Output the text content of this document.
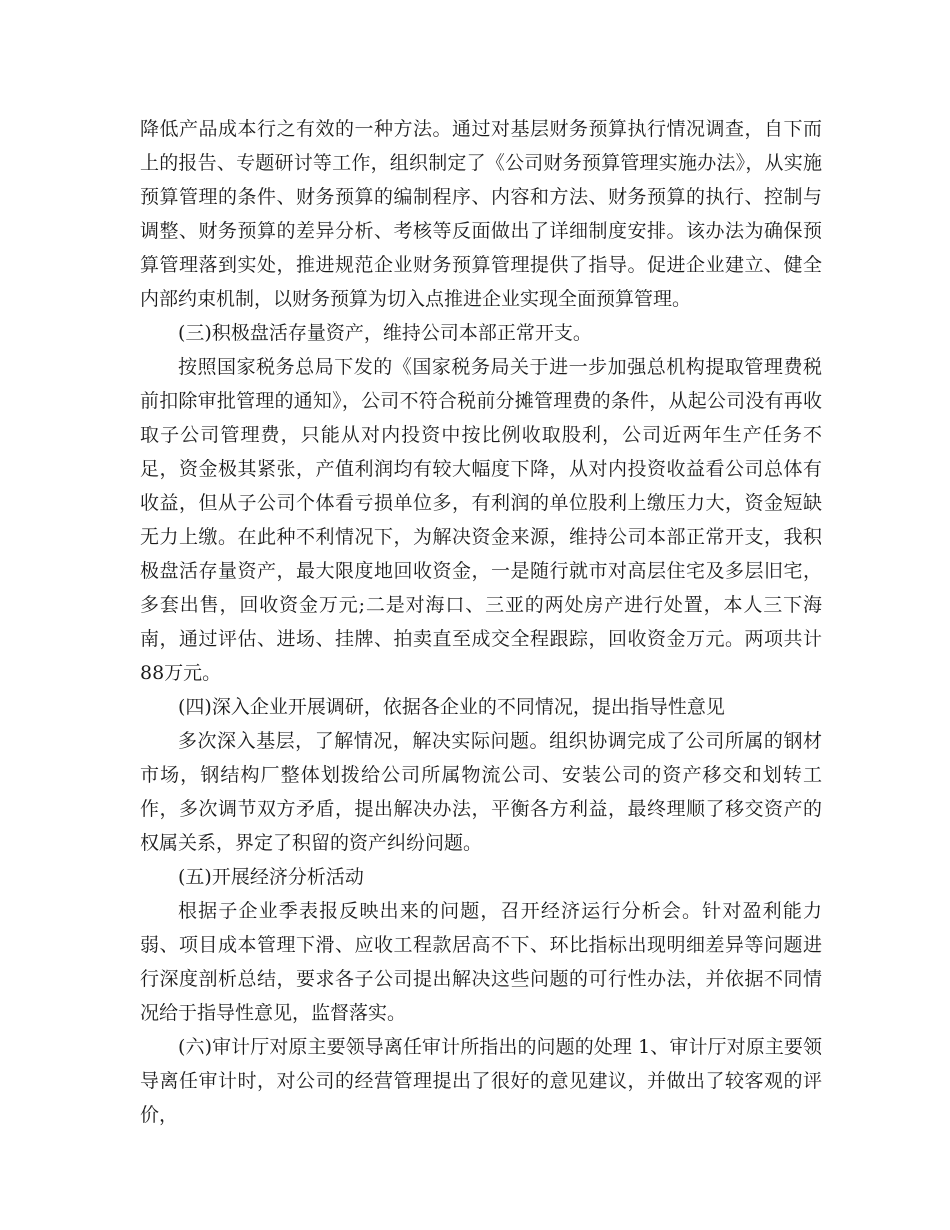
降低产品成本行之有效的一种方法。通过对基层财务预算执行情况调查，自下而上的报告、专题研讨等工作，组织制定了《公司财务预算管理实施办法》，从实施预算管理的条件、财务预算的编制程序、内容和方法、财务预算的执行、控制与调整、财务预算的差异分析、考核等反面做出了详细制度安排。该办法为确保预算管理落到实处，推进规范企业财务预算管理提供了指导。促进企业建立、健全内部约束机制，以财务预算为切入点推进企业实现全面预算管理。

(三)积极盘活存量资产，维持公司本部正常开支。

按照国家税务总局下发的《国家税务局关于进一步加强总机构提取管理费税前扣除审批管理的通知》，公司不符合税前分摊管理费的条件，从起公司没有再收取子公司管理费，只能从对内投资中按比例收取股利，公司近两年生产任务不足，资金极其紧张，产值利润均有较大幅度下降，从对内投资收益看公司总体有收益，但从子公司个体看亏损单位多，有利润的单位股利上缴压力大，资金短缺无力上缴。在此种不利情况下，为解决资金来源，维持公司本部正常开支，我积极盘活存量资产，最大限度地回收资金，一是随行就市对高层住宅及多层旧宅，多套出售，回收资金万元;二是对海口、三亚的两处房产进行处置，本人三下海南，通过评估、进场、挂牌、拍卖直至成交全程跟踪，回收资金万元。两项共计88万元。

(四)深入企业开展调研，依据各企业的不同情况，提出指导性意见

多次深入基层，了解情况，解决实际问题。组织协调完成了公司所属的钢材市场，钢结构厂整体划拨给公司所属物流公司、安装公司的资产移交和划转工作，多次调节双方矛盾，提出解决办法，平衡各方利益，最终理顺了移交资产的权属关系，界定了积留的资产纠纷问题。

(五)开展经济分析活动

根据子企业季表报反映出来的问题，召开经济运行分析会。针对盈利能力弱、项目成本管理下滑、应收工程款居高不下、环比指标出现明细差异等问题进行深度剖析总结，要求各子公司提出解决这些问题的可行性办法，并依据不同情况给于指导性意见，监督落实。

(六)审计厅对原主要领导离任审计所指出的问题的处理 1、审计厅对原主要领导离任审计时，对公司的经营管理提出了很好的意见建议，并做出了较客观的评价，
